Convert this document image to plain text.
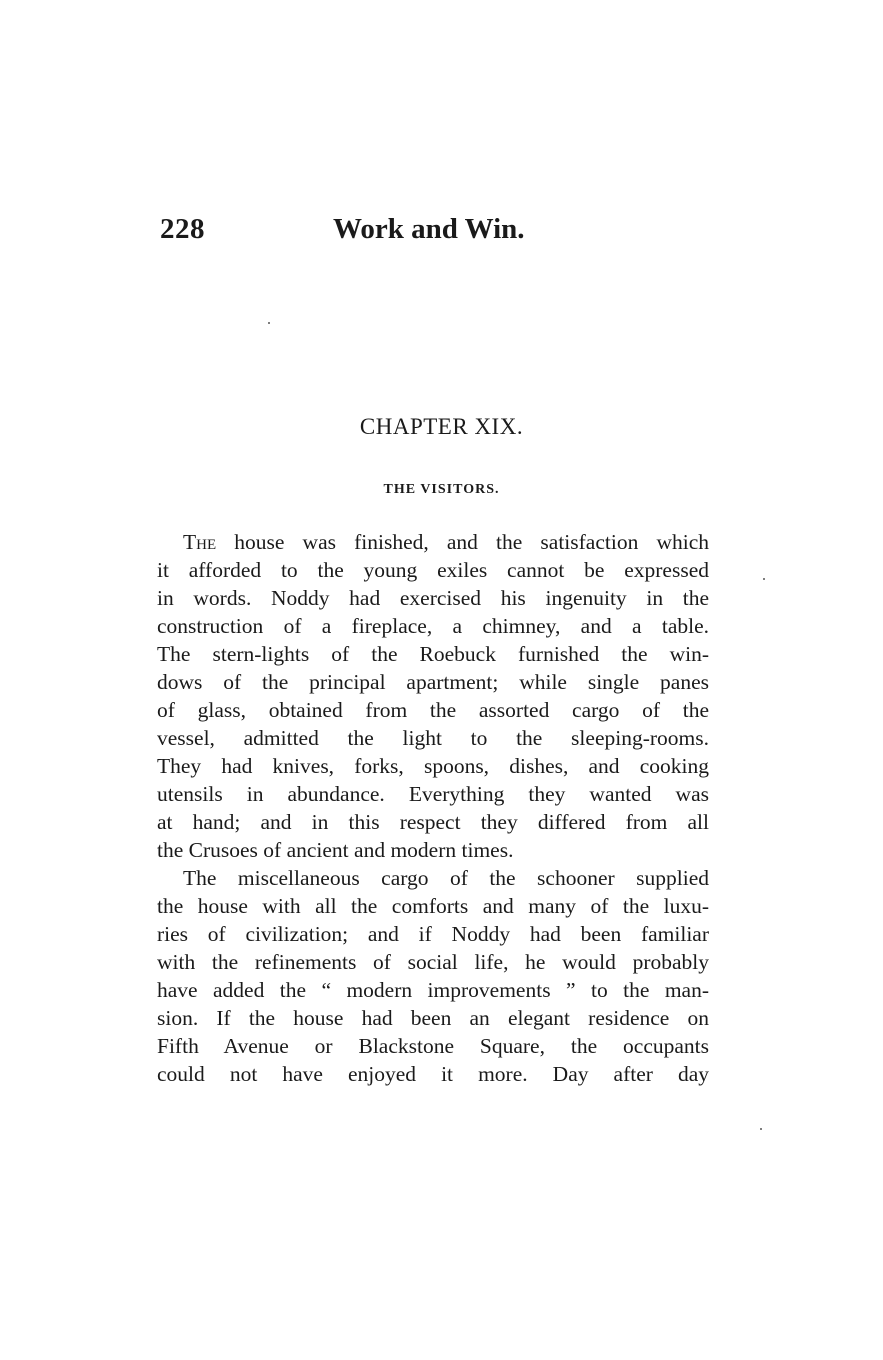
228	Work and Win.
CHAPTER XIX.
THE VISITORS.
The house was finished, and the satisfaction which
it afforded to the young exiles cannot be expressed
in words. Noddy had exercised his ingenuity in the
construction of a fireplace, a chimney, and a table.
The stern-lights of the Roebuck furnished the win-
dows of the principal apartment; while single panes
of glass, obtained from the assorted cargo of the
vessel, admitted the light to the sleeping-rooms.
They had knives, forks, spoons, dishes, and cooking
utensils in abundance. Everything they wanted was
at hand; and in this respect they differed from all
the Crusoes of ancient and modern times.
The miscellaneous cargo of the schooner supplied
the house with all the comforts and many of the luxu-
ries of civilization; and if Noddy had been familiar
with the refinements of social life, he would probably
have added the “ modern improvements ” to the man-
sion. If the house had been an elegant residence on
Fifth Avenue or Blackstone Square, the occupants
could not have enjoyed it more. Day after day
